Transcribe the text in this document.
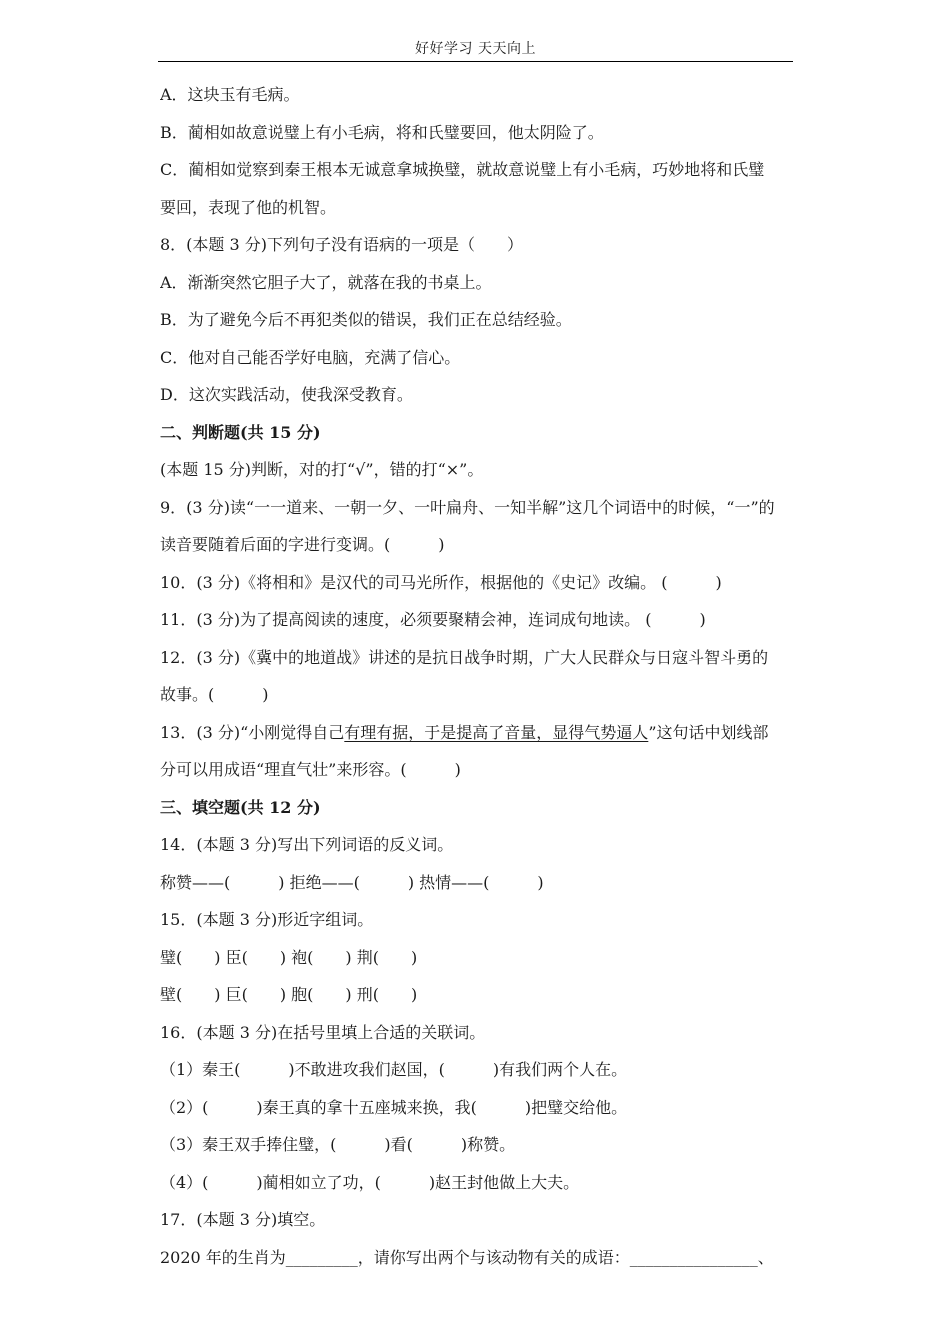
好好学习 天天向上
A．这块玉有毛病。
B．蔺相如故意说璧上有小毛病，将和氏璧要回，他太阴险了。
C．蔺相如觉察到秦王根本无诚意拿城换璧，就故意说璧上有小毛病，巧妙地将和氏璧
要回，表现了他的机智。
8．(本题 3 分)下列句子没有语病的一项是（　　）
A．渐渐突然它胆子大了，就落在我的书桌上。
B．为了避免今后不再犯类似的错误，我们正在总结经验。
C．他对自己能否学好电脑，充满了信心。
D．这次实践活动，使我深受教育。
二、判断题(共 15 分)
(本题 15 分)判断，对的打“√”，错的打“×”。
9．(3 分)读“一一道来、一朝一夕、一叶扁舟、一知半解”这几个词语中的时候，“一”的
读音要随着后面的字进行变调。(　　　)
10．(3 分)《将相和》是汉代的司马光所作，根据他的《史记》改编。 (　　　)
11．(3 分)为了提高阅读的速度，必须要聚精会神，连词成句地读。 (　　　)
12．(3 分)《冀中的地道战》讲述的是抗日战争时期，广大人民群众与日寇斗智斗勇的
故事。(　　　)
13．(3 分)“小刚觉得自己有理有据，于是提高了音量，显得气势逼人”这句话中划线部
分可以用成语“理直气壮”来形容。(　　　)
三、填空题(共 12 分)
14．(本题 3 分)写出下列词语的反义词。
称赞——(　　　) 拒绝——(　　　) 热情——(　　　)
15．(本题 3 分)形近字组词。
璧(　　) 臣(　　) 袍(　　) 荆(　　)
壁(　　) 巨(　　) 胞(　　) 刑(　　)
16．(本题 3 分)在括号里填上合适的关联词。
（1）秦王(　　　)不敢进攻我们赵国，(　　　)有我们两个人在。
（2）(　　　)秦王真的拿十五座城来换，我(　　　)把璧交给他。
（3）秦王双手捧住璧，(　　　)看(　　　)称赞。
（4）(　　　)蔺相如立了功，(　　　)赵王封他做上大夫。
17．(本题 3 分)填空。
2020 年的生肖为_________，请你写出两个与该动物有关的成语：________________、
